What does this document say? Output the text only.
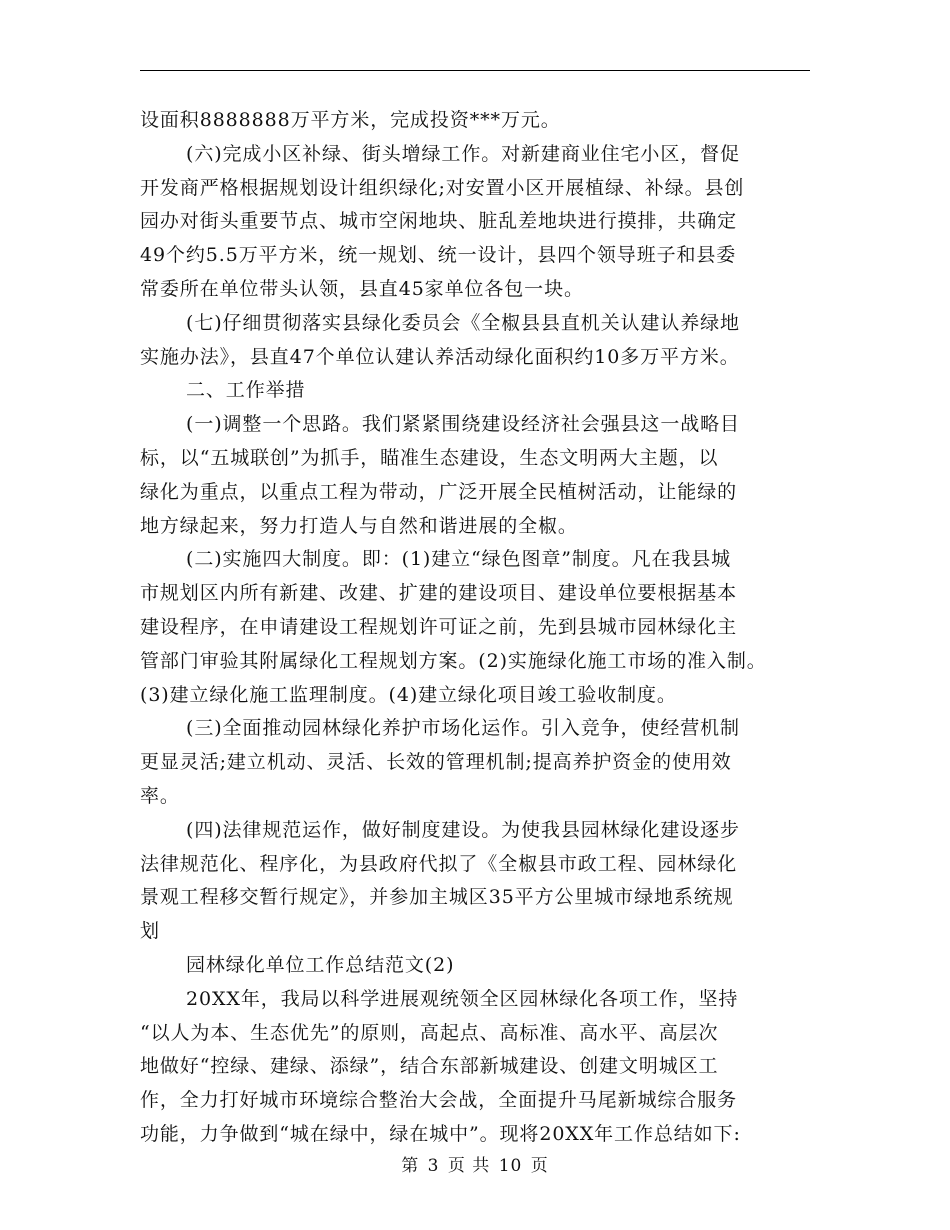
设面积8888888万平方米，完成投资***万元。
(六)完成小区补绿、街头增绿工作。对新建商业住宅小区，督促
开发商严格根据规划设计组织绿化;对安置小区开展植绿、补绿。县创
园办对街头重要节点、城市空闲地块、脏乱差地块进行摸排，共确定
49个约5.5万平方米，统一规划、统一设计，县四个领导班子和县委
常委所在单位带头认领，县直45家单位各包一块。
(七)仔细贯彻落实县绿化委员会《全椒县县直机关认建认养绿地
实施办法》，县直47个单位认建认养活动绿化面积约10多万平方米。
二、工作举措
(一)调整一个思路。我们紧紧围绕建设经济社会强县这一战略目
标，以“五城联创”为抓手，瞄准生态建设，生态文明两大主题，以
绿化为重点，以重点工程为带动，广泛开展全民植树活动，让能绿的
地方绿起来，努力打造人与自然和谐进展的全椒。
(二)实施四大制度。即：(1)建立“绿色图章”制度。凡在我县城
市规划区内所有新建、改建、扩建的建设项目、建设单位要根据基本
建设程序，在申请建设工程规划许可证之前，先到县城市园林绿化主
管部门审验其附属绿化工程规划方案。(2)实施绿化施工市场的准入制。
(3)建立绿化施工监理制度。(4)建立绿化项目竣工验收制度。
(三)全面推动园林绿化养护市场化运作。引入竞争，使经营机制
更显灵活;建立机动、灵活、长效的管理机制;提高养护资金的使用效
率。
(四)法律规范运作，做好制度建设。为使我县园林绿化建设逐步
法律规范化、程序化，为县政府代拟了《全椒县市政工程、园林绿化
景观工程移交暂行规定》，并参加主城区35平方公里城市绿地系统规
划
园林绿化单位工作总结范文(2)
20XX年，我局以科学进展观统领全区园林绿化各项工作，坚持
“以人为本、生态优先”的原则，高起点、高标准、高水平、高层次
地做好“控绿、建绿、添绿”，结合东部新城建设、创建文明城区工
作，全力打好城市环境综合整治大会战，全面提升马尾新城综合服务
功能，力争做到“城在绿中，绿在城中”。现将20XX年工作总结如下:
第 3 页 共 10 页
